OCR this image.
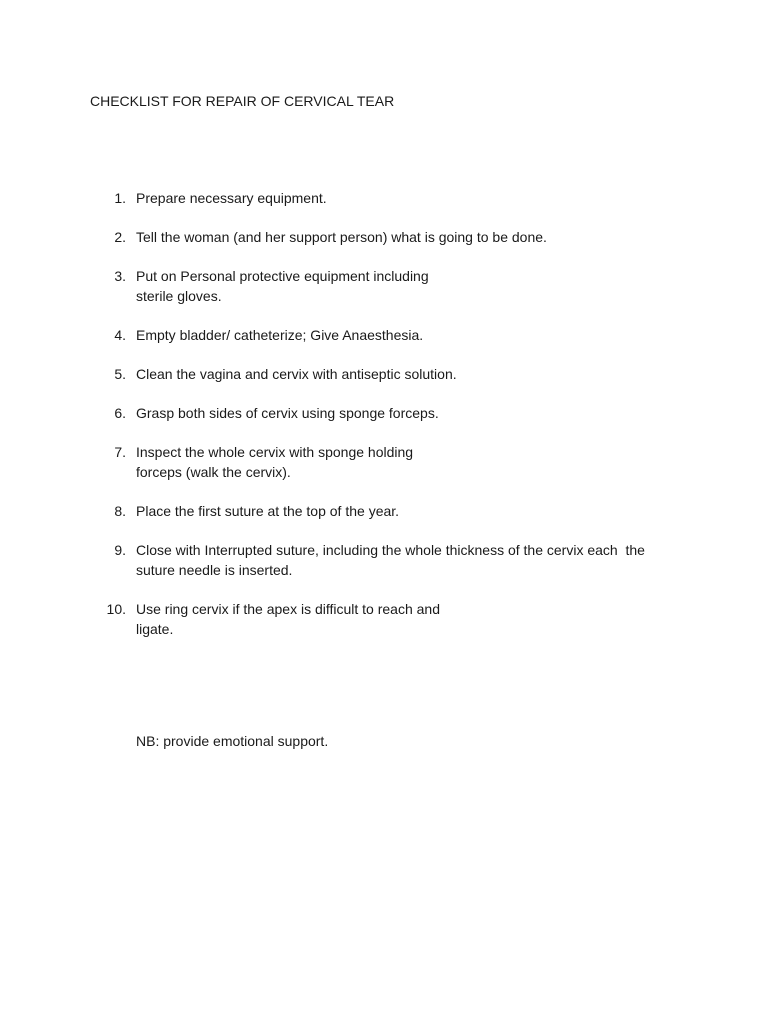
CHECKLIST FOR REPAIR OF CERVICAL TEAR
1. Prepare necessary equipment.
2. Tell the woman (and her support person) what is going to be done.
3. Put on Personal protective equipment including
sterile gloves.
4. Empty bladder/ catheterize; Give Anaesthesia.
5. Clean the vagina and cervix with antiseptic solution.
6. Grasp both sides of cervix using sponge forceps.
7. Inspect the whole cervix with sponge holding
forceps (walk the cervix).
8. Place the first suture at the top of the year.
9. Close with Interrupted suture, including the whole thickness of the cervix each  the
suture needle is inserted.
10. Use ring cervix if the apex is difficult to reach and
ligate.

NB: provide emotional support.
